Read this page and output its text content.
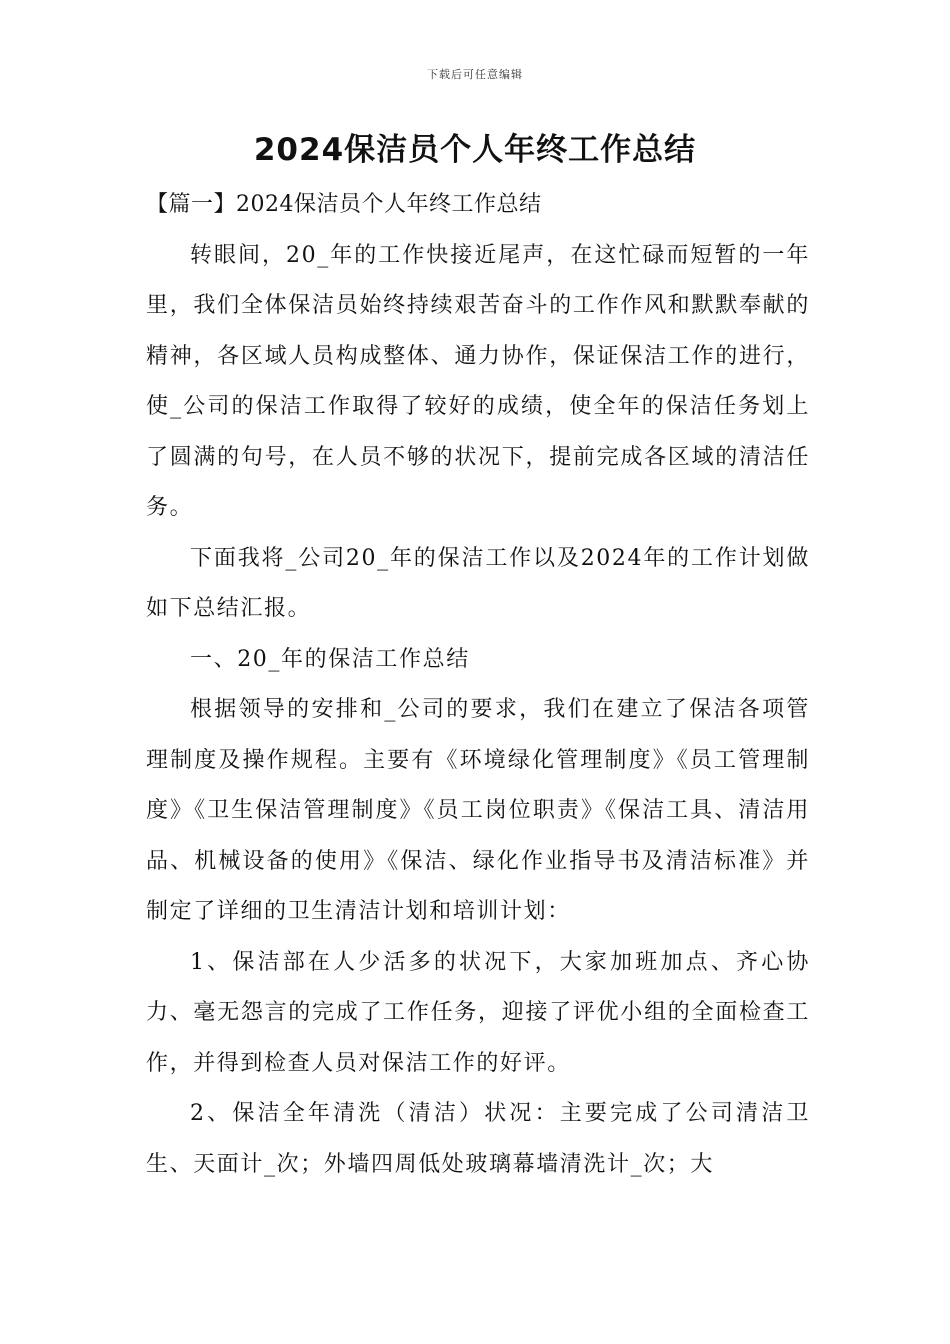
下载后可任意编辑
2024保洁员个人年终工作总结

【篇一】2024保洁员个人年终工作总结

转眼间，20_年的工作快接近尾声，在这忙碌而短暂的一年里，我们全体保洁员始终持续艰苦奋斗的工作作风和默默奉献的精神，各区域人员构成整体、通力协作，保证保洁工作的进行，使_公司的保洁工作取得了较好的成绩，使全年的保洁任务划上了圆满的句号，在人员不够的状况下，提前完成各区域的清洁任务。

下面我将_公司20_年的保洁工作以及2024年的工作计划做如下总结汇报。

一、20_年的保洁工作总结

根据领导的安排和_公司的要求，我们在建立了保洁各项管理制度及操作规程。主要有《环境绿化管理制度》《员工管理制度》《卫生保洁管理制度》《员工岗位职责》《保洁工具、清洁用品、机械设备的使用》《保洁、绿化作业指导书及清洁标准》并制定了详细的卫生清洁计划和培训计划：

1、保洁部在人少活多的状况下，大家加班加点、齐心协力、毫无怨言的完成了工作任务，迎接了评优小组的全面检查工作，并得到检查人员对保洁工作的好评。

2、保洁全年清洗（清洁）状况：主要完成了公司清洁卫生、天面计_次；外墙四周低处玻璃幕墙清洗计_次；大
